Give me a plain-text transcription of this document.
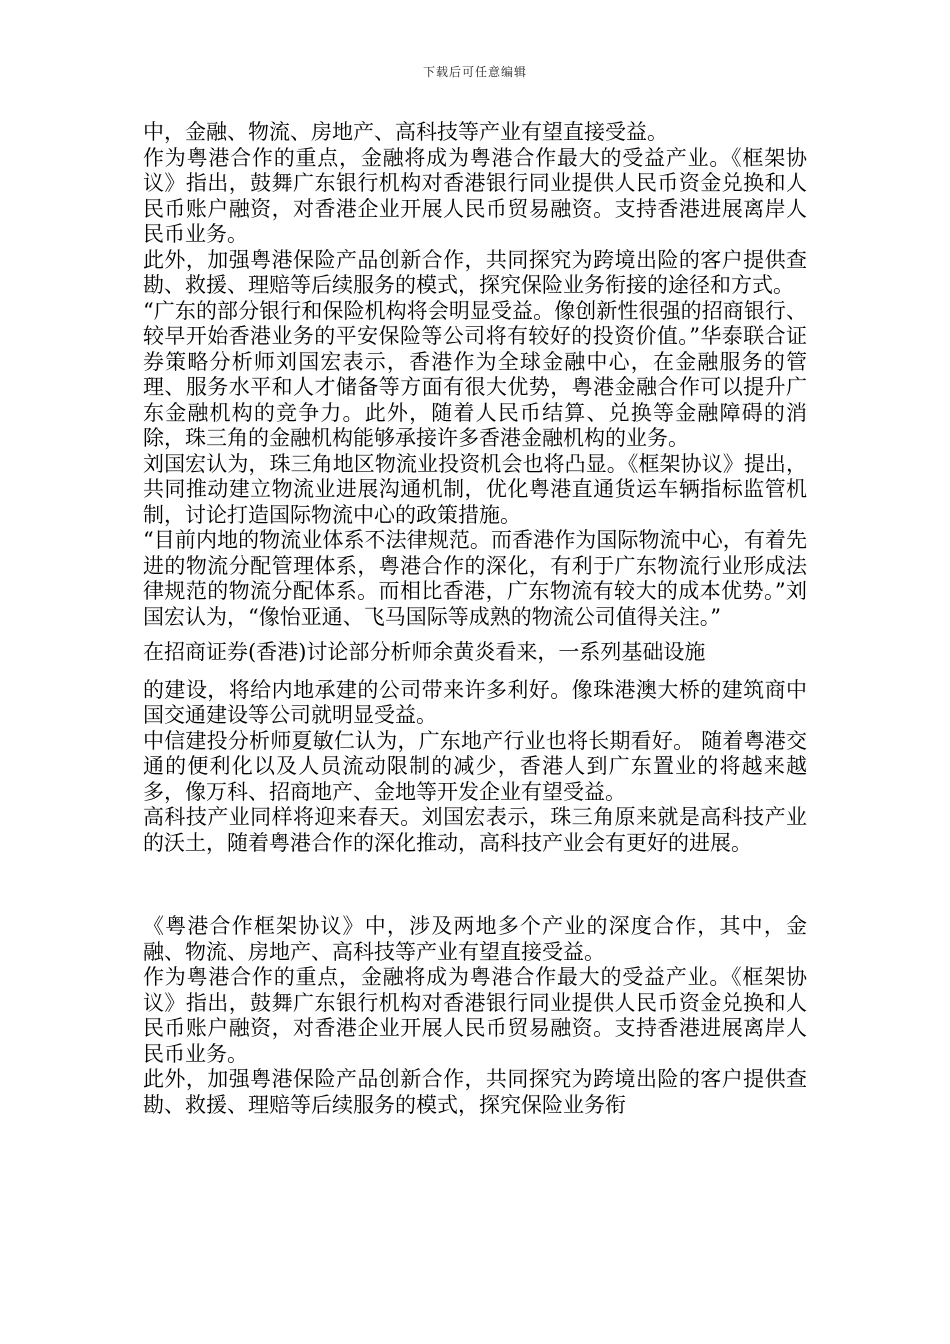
下载后可任意编辑

中，金融、物流、房地产、高科技等产业有望直接受益。

作为粤港合作的重点，金融将成为粤港合作最大的受益产业。《框架协议》指出，鼓舞广东银行机构对香港银行同业提供人民币资金兑换和人民币账户融资，对香港企业开展人民币贸易融资。支持香港进展离岸人民币业务。

此外，加强粤港保险产品创新合作，共同探究为跨境出险的客户提供查勘、救援、理赔等后续服务的模式，探究保险业务衔接的途径和方式。

“广东的部分银行和保险机构将会明显受益。像创新性很强的招商银行、较早开始香港业务的平安保险等公司将有较好的投资价值。”华泰联合证券策略分析师刘国宏表示，香港作为全球金融中心，在金融服务的管理、服务水平和人才储备等方面有很大优势，粤港金融合作可以提升广东金融机构的竞争力。此外，随着人民币结算、兑换等金融障碍的消除，珠三角的金融机构能够承接许多香港金融机构的业务。

刘国宏认为，珠三角地区物流业投资机会也将凸显。《框架协议》提出，共同推动建立物流业进展沟通机制，优化粤港直通货运车辆指标监管机制，讨论打造国际物流中心的政策措施。

“目前内地的物流业体系不法律规范。而香港作为国际物流中心，有着先进的物流分配管理体系，粤港合作的深化，有利于广东物流行业形成法律规范的物流分配体系。而相比香港，广东物流有较大的成本优势。”刘国宏认为，“像怡亚通、飞马国际等成熟的物流公司值得关注。”

在招商证券(香港)讨论部分析师余黄炎看来，一系列基础设施

的建设，将给内地承建的公司带来许多利好。像珠港澳大桥的建筑商中国交通建设等公司就明显受益。

中信建投分析师夏敏仁认为，广东地产行业也将长期看好。 随着粤港交通的便利化以及人员流动限制的减少，香港人到广东置业的将越来越多，像万科、招商地产、金地等开发企业有望受益。

高科技产业同样将迎来春天。刘国宏表示，珠三角原来就是高科技产业的沃土，随着粤港合作的深化推动，高科技产业会有更好的进展。

《粤港合作框架协议》中，涉及两地多个产业的深度合作，其中，金融、物流、房地产、高科技等产业有望直接受益。

作为粤港合作的重点，金融将成为粤港合作最大的受益产业。《框架协议》指出，鼓舞广东银行机构对香港银行同业提供人民币资金兑换和人民币账户融资，对香港企业开展人民币贸易融资。支持香港进展离岸人民币业务。

此外，加强粤港保险产品创新合作，共同探究为跨境出险的客户提供查勘、救援、理赔等后续服务的模式，探究保险业务衔
